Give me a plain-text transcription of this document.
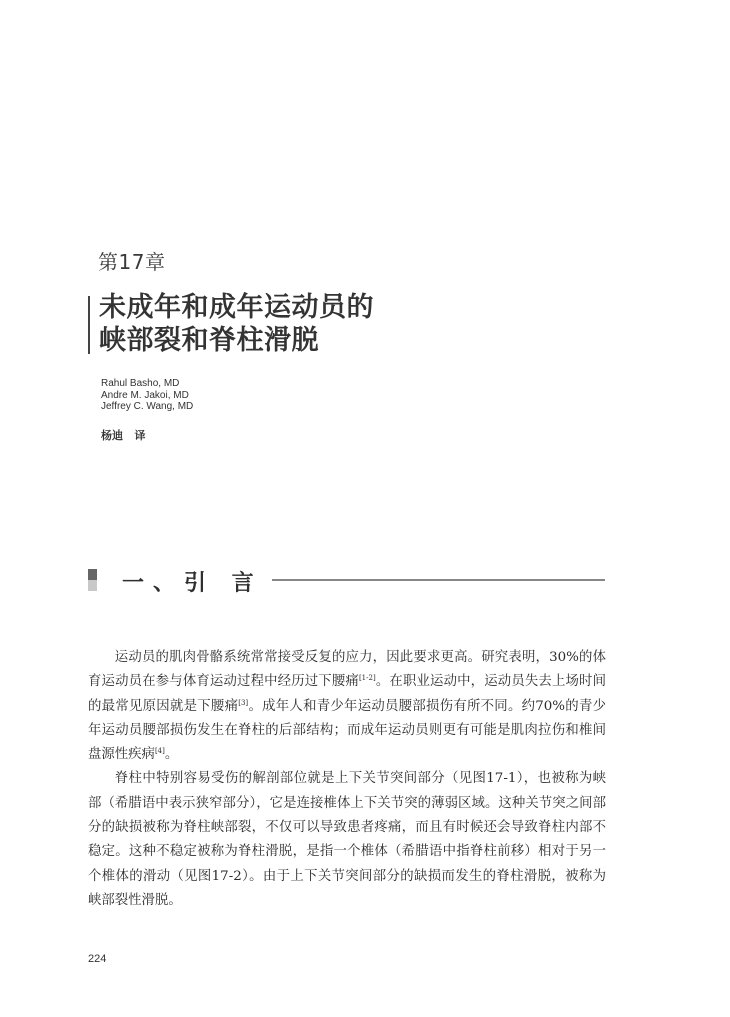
第17章
未成年和成年运动员的
峡部裂和脊柱滑脱
Rahul Basho, MD
Andre M. Jakoi, MD
Jeffrey C. Wang, MD
杨迪   译
一、引 言

运动员的肌肉骨骼系统常常接受反复的应力，因此要求更高。研究表明，30%的体育运动员在参与体育运动过程中经历过下腰痛[1-2]。在职业运动中，运动员失去上场时间的最常见原因就是下腰痛[3]。成年人和青少年运动员腰部损伤有所不同。约70%的青少年运动员腰部损伤发生在脊柱的后部结构；而成年运动员则更有可能是肌肉拉伤和椎间盘源性疾病[4]。

脊柱中特别容易受伤的解剖部位就是上下关节突间部分（见图17-1），也被称为峡部（希腊语中表示狭窄部分），它是连接椎体上下关节突的薄弱区域。这种关节突之间部分的缺损被称为脊柱峡部裂，不仅可以导致患者疼痛，而且有时候还会导致脊柱内部不稳定。这种不稳定被称为脊柱滑脱，是指一个椎体（希腊语中指脊柱前移）相对于另一个椎体的滑动（见图17-2）。由于上下关节突间部分的缺损而发生的脊柱滑脱，被称为峡部裂性滑脱。

224
